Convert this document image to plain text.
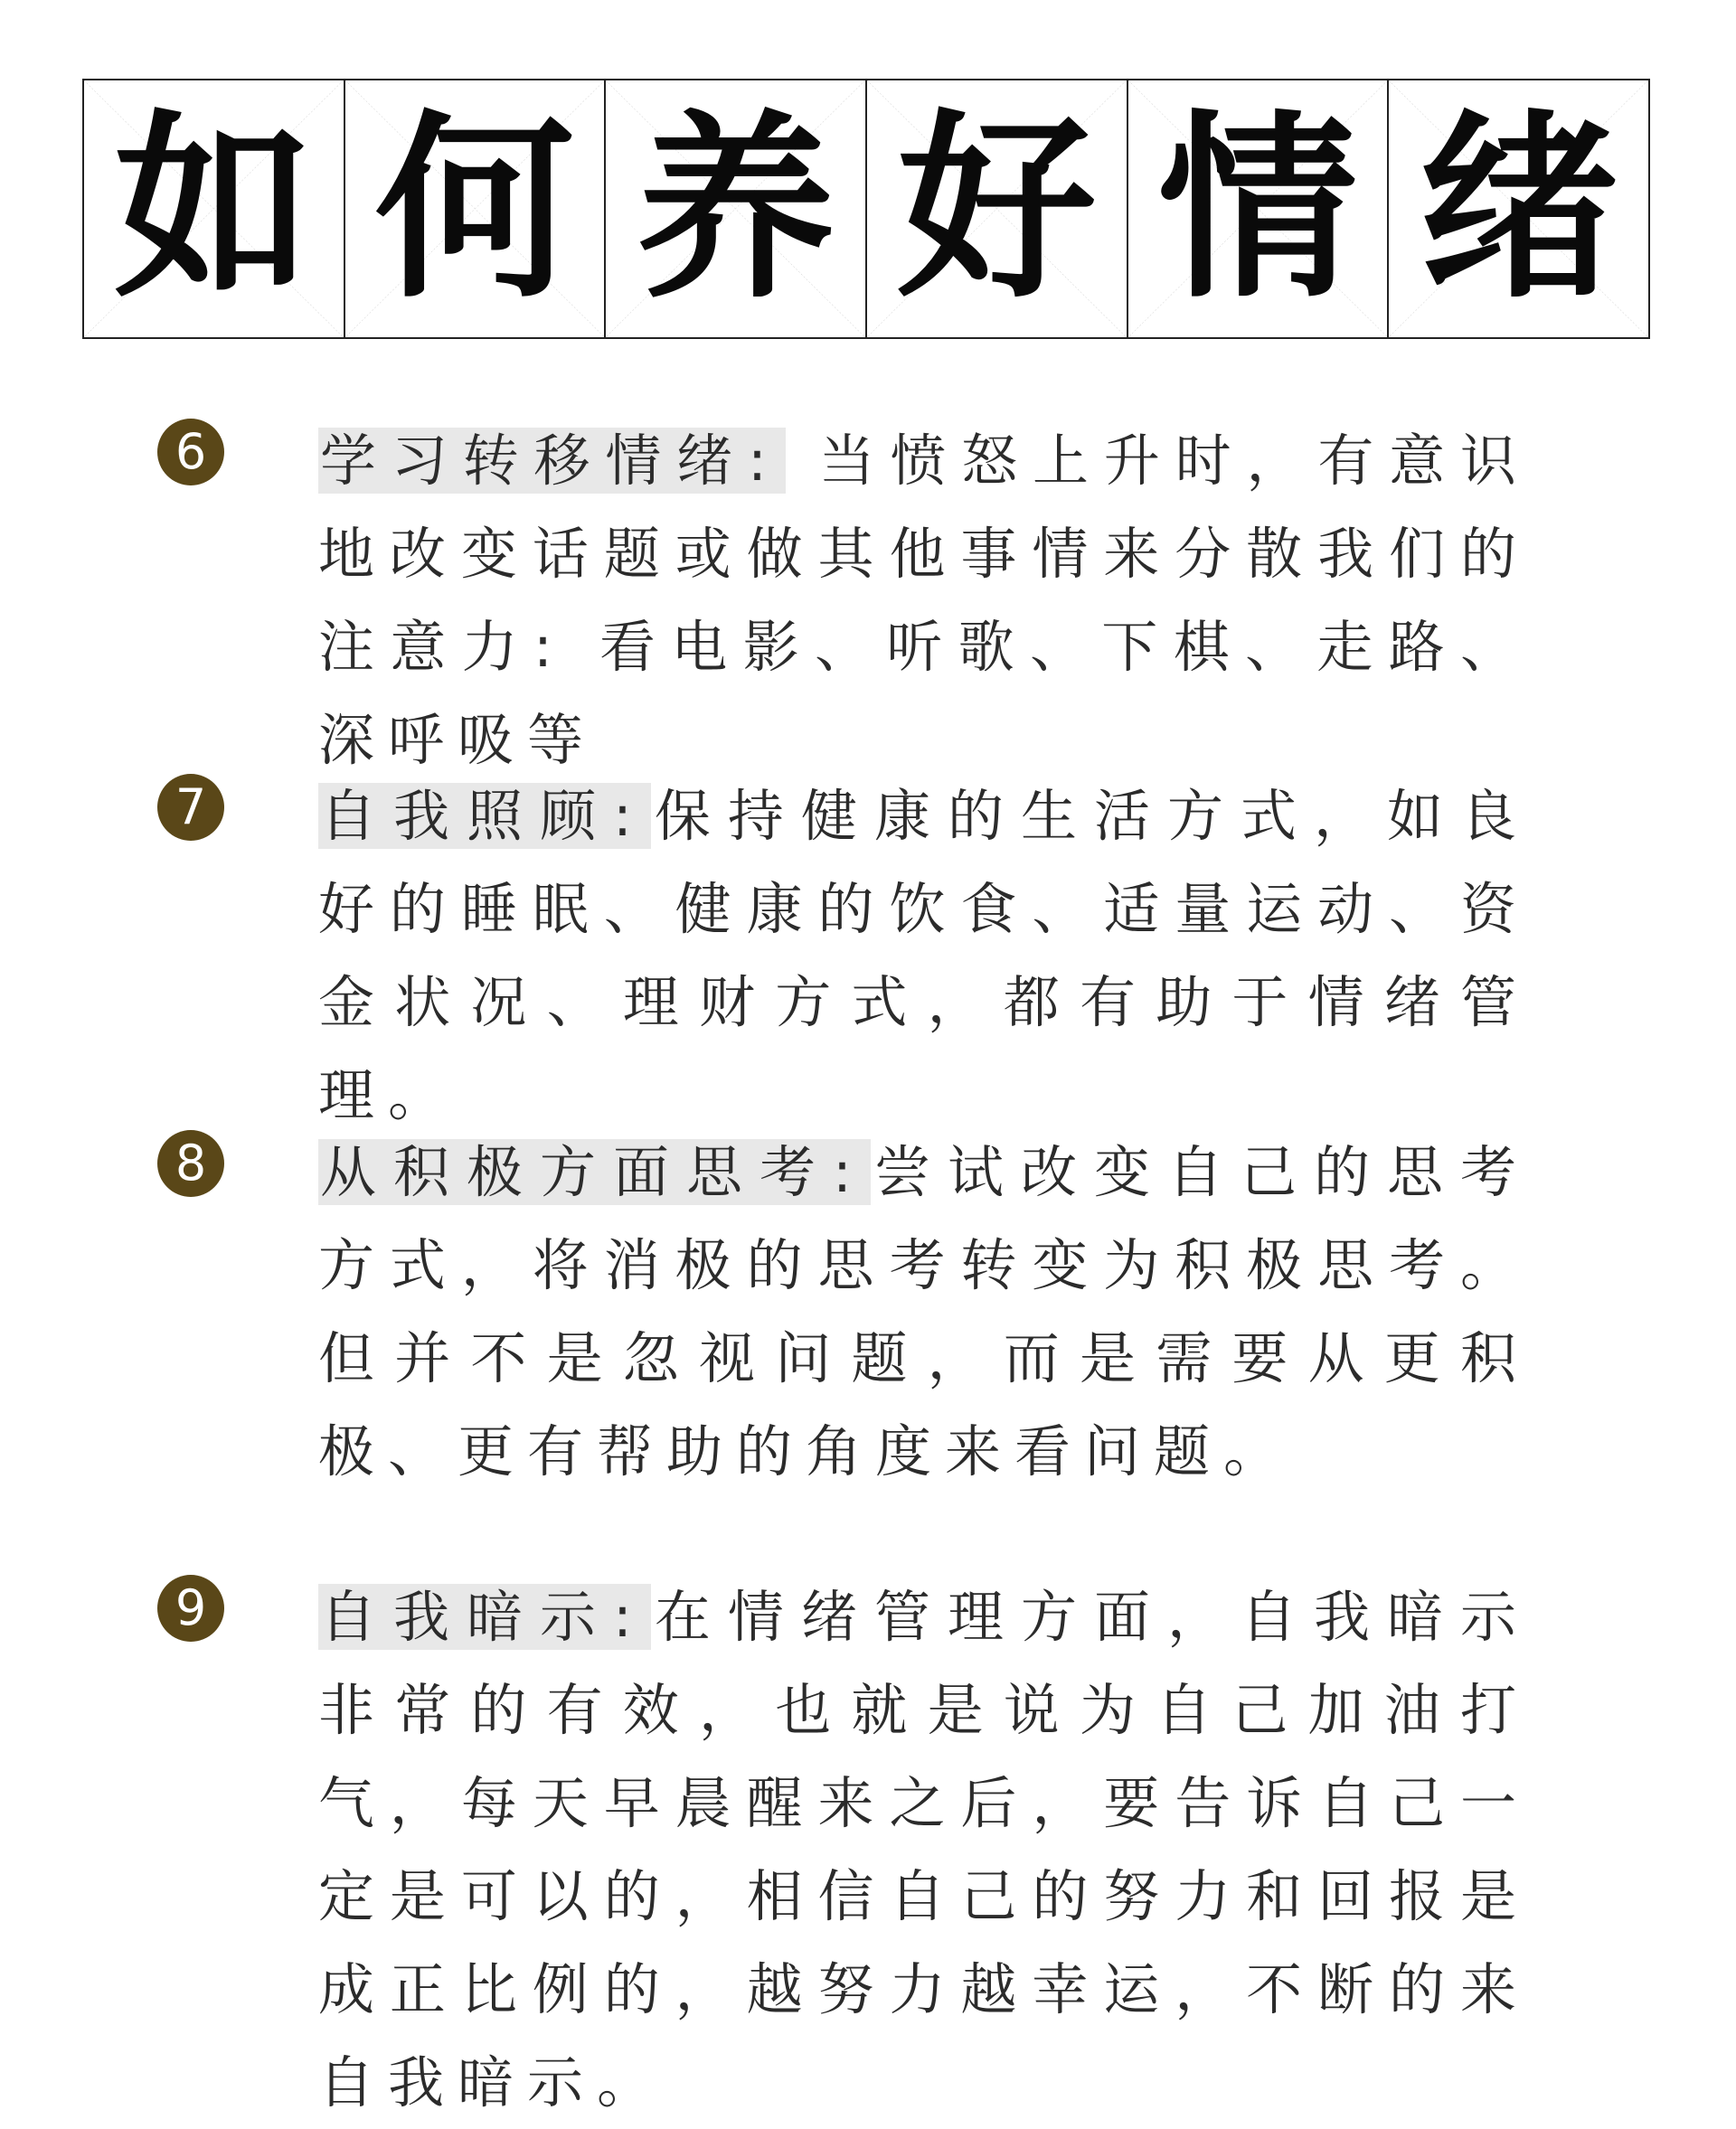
如 何 养 好 情 绪
6	学习转移情绪: 当愤怒上升时，有意识地改变话题或做其他事情来分散我们的注意力: 看电影、听歌、下棋、走路、深呼吸等

7	自我照顾:保持健康的生活方式，如良好的睡眠、健康的饮食、适量运动、资金状况、理财方式，都有助于情绪管理。

8	从积极方面思考:尝试改变自己的思考方式，将消极的思考转变为积极思考。但并不是忽视问题，而是需要从更积极、更有帮助的角度来看问题。

9	自我暗示:在情绪管理方面，自我暗示非常的有效，也就是说为自己加油打气，每天早晨醒来之后，要告诉自己一定是可以的，相信自己的努力和回报是成正比例的，越努力越幸运，不断的来自我暗示。
